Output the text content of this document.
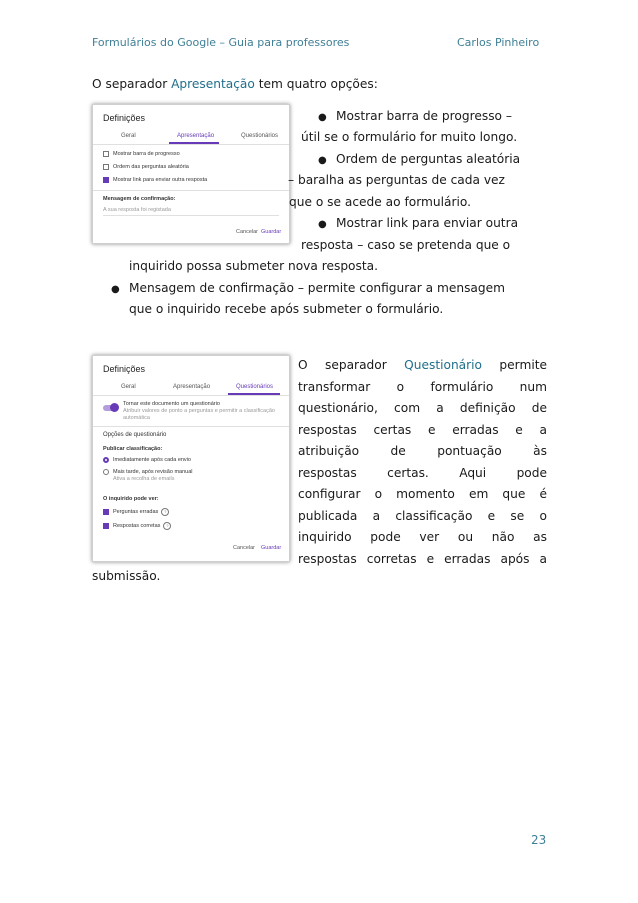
Formulários do Google – Guia para professores	Carlos Pinheiro
O separador Apresentação tem quatro opções:
Definições
Geral	Apresentação	Questionários
Mostrar barra de progresso
Ordem das perguntas aleatória
Mostrar link para enviar outra resposta
Mensagem de confirmação:
A sua resposta foi registada
Cancelar Guardar
● Mostrar barra de progresso –
útil se o formulário for muito longo.
● Ordem de perguntas aleatória
– baralha as perguntas de cada vez
que o se acede ao formulário.
● Mostrar link para enviar outra
resposta – caso se pretenda que o
inquirido possa submeter nova resposta.
● Mensagem de confirmação – permite configurar a mensagem
que o inquirido recebe após submeter o formulário.
Definições
Geral	Apresentação	Questionários
Tornar este documento um questionário
Atribuir valores de ponto a perguntas e permitir a classificação
automática
Opções de questionário
Publicar classificação:
Imediatamente após cada envio
Mais tarde, após revisão manual
Ativa a recolha de emails
O inquirido pode ver:
Perguntas erradas	?
Respostas corretas	?
Cancelar Guardar
O separador Questionário permite
transformar o formulário num
questionário, com a definição de
respostas certas e erradas e a
atribuição de pontuação às
respostas certas. Aqui pode
configurar o momento em que é
publicada a classificação e se o
inquirido pode ver ou não as
respostas corretas e erradas após a
submissão.
23
